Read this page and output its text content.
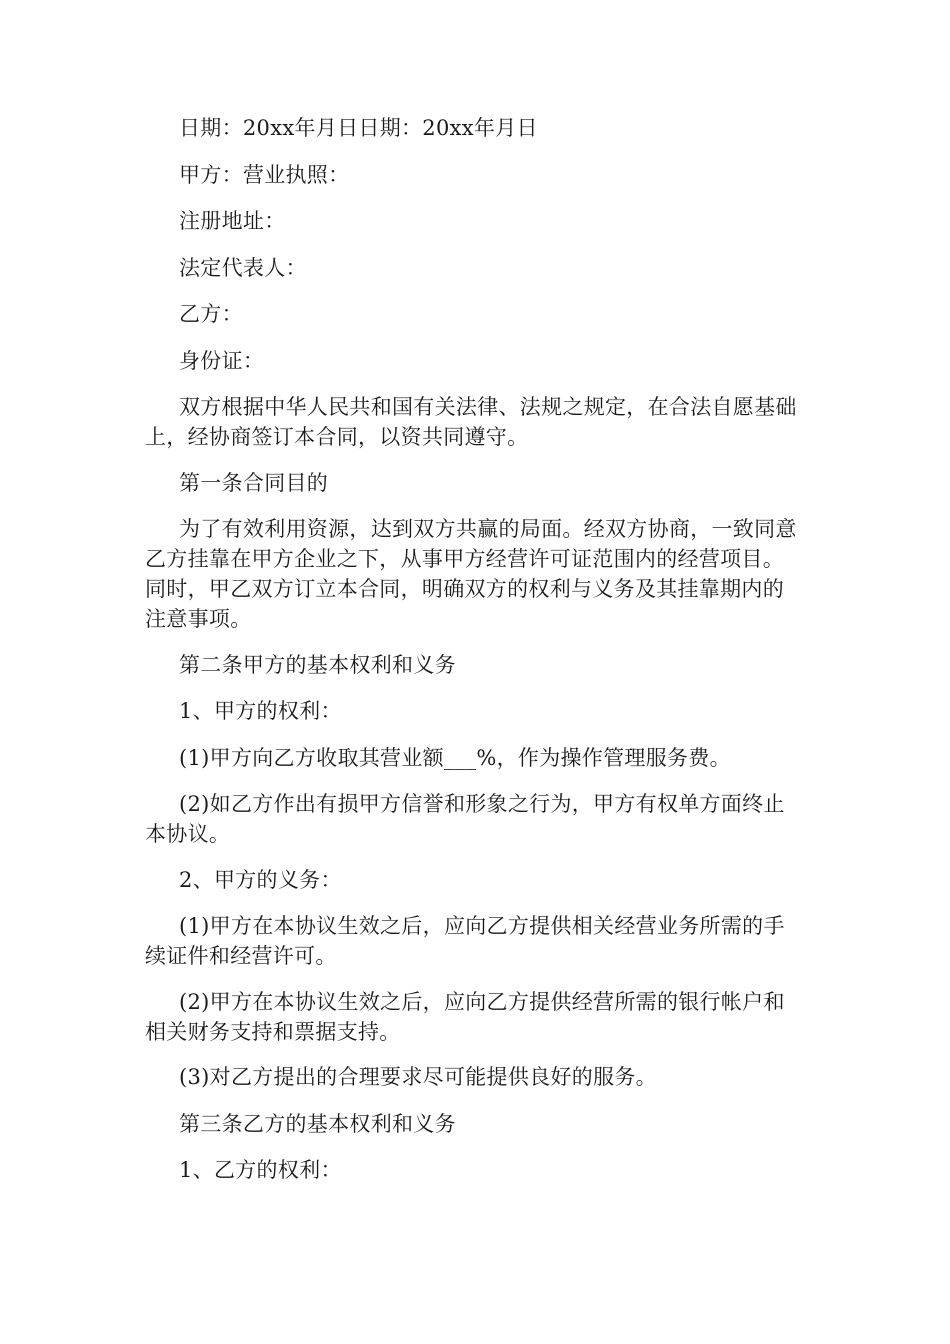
日期：20xx年月日日期：20xx年月日

甲方：营业执照：

注册地址：

法定代表人：

乙方：

身份证：

双方根据中华人民共和国有关法律、法规之规定，在合法自愿基础上，经协商签订本合同，以资共同遵守。

第一条合同目的

为了有效利用资源，达到双方共赢的局面。经双方协商，一致同意乙方挂靠在甲方企业之下，从事甲方经营许可证范围内的经营项目。同时，甲乙双方订立本合同，明确双方的权利与义务及其挂靠期内的注意事项。

第二条甲方的基本权利和义务

1、甲方的权利：

(1)甲方向乙方收取其营业额___%，作为操作管理服务费。

(2)如乙方作出有损甲方信誉和形象之行为，甲方有权单方面终止本协议。

2、甲方的义务：

(1)甲方在本协议生效之后，应向乙方提供相关经营业务所需的手续证件和经营许可。

(2)甲方在本协议生效之后，应向乙方提供经营所需的银行帐户和相关财务支持和票据支持。

(3)对乙方提出的合理要求尽可能提供良好的服务。

第三条乙方的基本权利和义务

1、乙方的权利：
